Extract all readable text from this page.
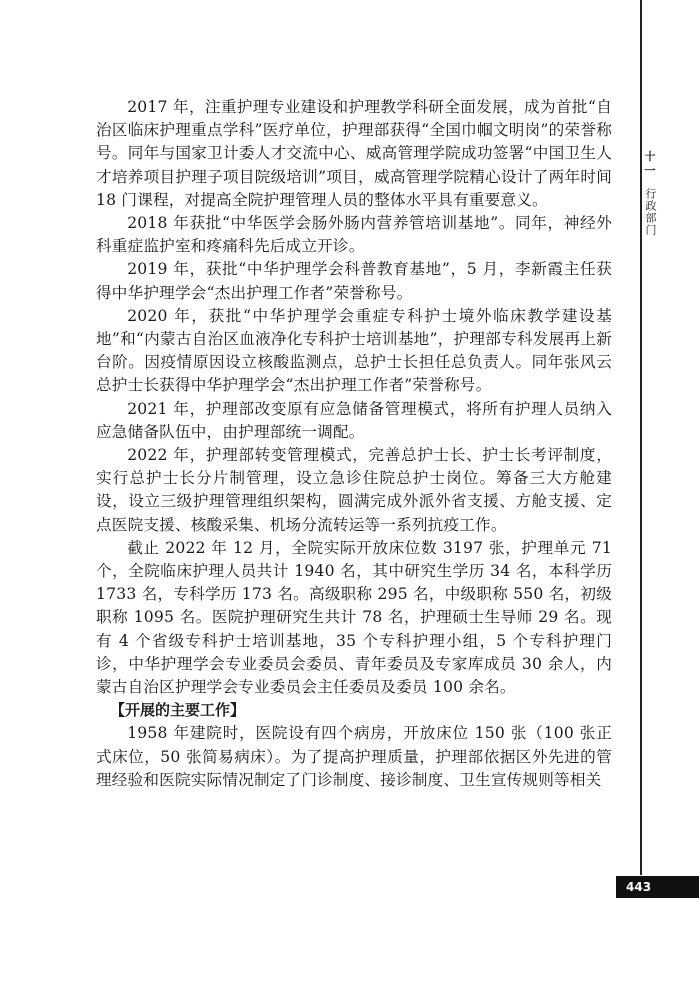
十一
行政部门

2017 年，注重护理专业建设和护理教学科研全面发展，成为首批“自治区临床护理重点学科”医疗单位，护理部获得“全国巾帼文明岗”的荣誉称号。同年与国家卫计委人才交流中心、威高管理学院成功签署“中国卫生人才培养项目护理子项目院级培训”项目，威高管理学院精心设计了两年时间 18 门课程，对提高全院护理管理人员的整体水平具有重要意义。

2018 年获批“中华医学会肠外肠内营养管培训基地”。同年，神经外科重症监护室和疼痛科先后成立开诊。

2019 年，获批“中华护理学会科普教育基地”，5 月，李新霞主任获得中华护理学会“杰出护理工作者”荣誉称号。

2020 年，获批“中华护理学会重症专科护士境外临床教学建设基地”和“内蒙古自治区血液净化专科护士培训基地”，护理部专科发展再上新台阶。因疫情原因设立核酸监测点，总护士长担任总负责人。同年张风云总护士长获得中华护理学会“杰出护理工作者”荣誉称号。

2021 年，护理部改变原有应急储备管理模式，将所有护理人员纳入应急储备队伍中，由护理部统一调配。

2022 年，护理部转变管理模式，完善总护士长、护士长考评制度，实行总护士长分片制管理，设立急诊住院总护士岗位。筹备三大方舱建设，设立三级护理管理组织架构，圆满完成外派外省支援、方舱支援、定点医院支援、核酸采集、机场分流转运等一系列抗疫工作。

截止 2022 年 12 月，全院实际开放床位数 3197 张，护理单元 71 个，全院临床护理人员共计 1940 名，其中研究生学历 34 名，本科学历 1733 名，专科学历 173 名。高级职称 295 名，中级职称 550 名，初级职称 1095 名。医院护理研究生共计 78 名，护理硕士生导师 29 名。现有 4 个省级专科护士培训基地，35 个专科护理小组，5 个专科护理门诊，中华护理学会专业委员会委员、青年委员及专家库成员 30 余人，内蒙古自治区护理学会专业委员会主任委员及委员 100 余名。

【开展的主要工作】

1958 年建院时，医院设有四个病房，开放床位 150 张（100 张正式床位，50 张简易病床）。为了提高护理质量，护理部依据区外先进的管理经验和医院实际情况制定了门诊制度、接诊制度、卫生宣传规则等相关

443
